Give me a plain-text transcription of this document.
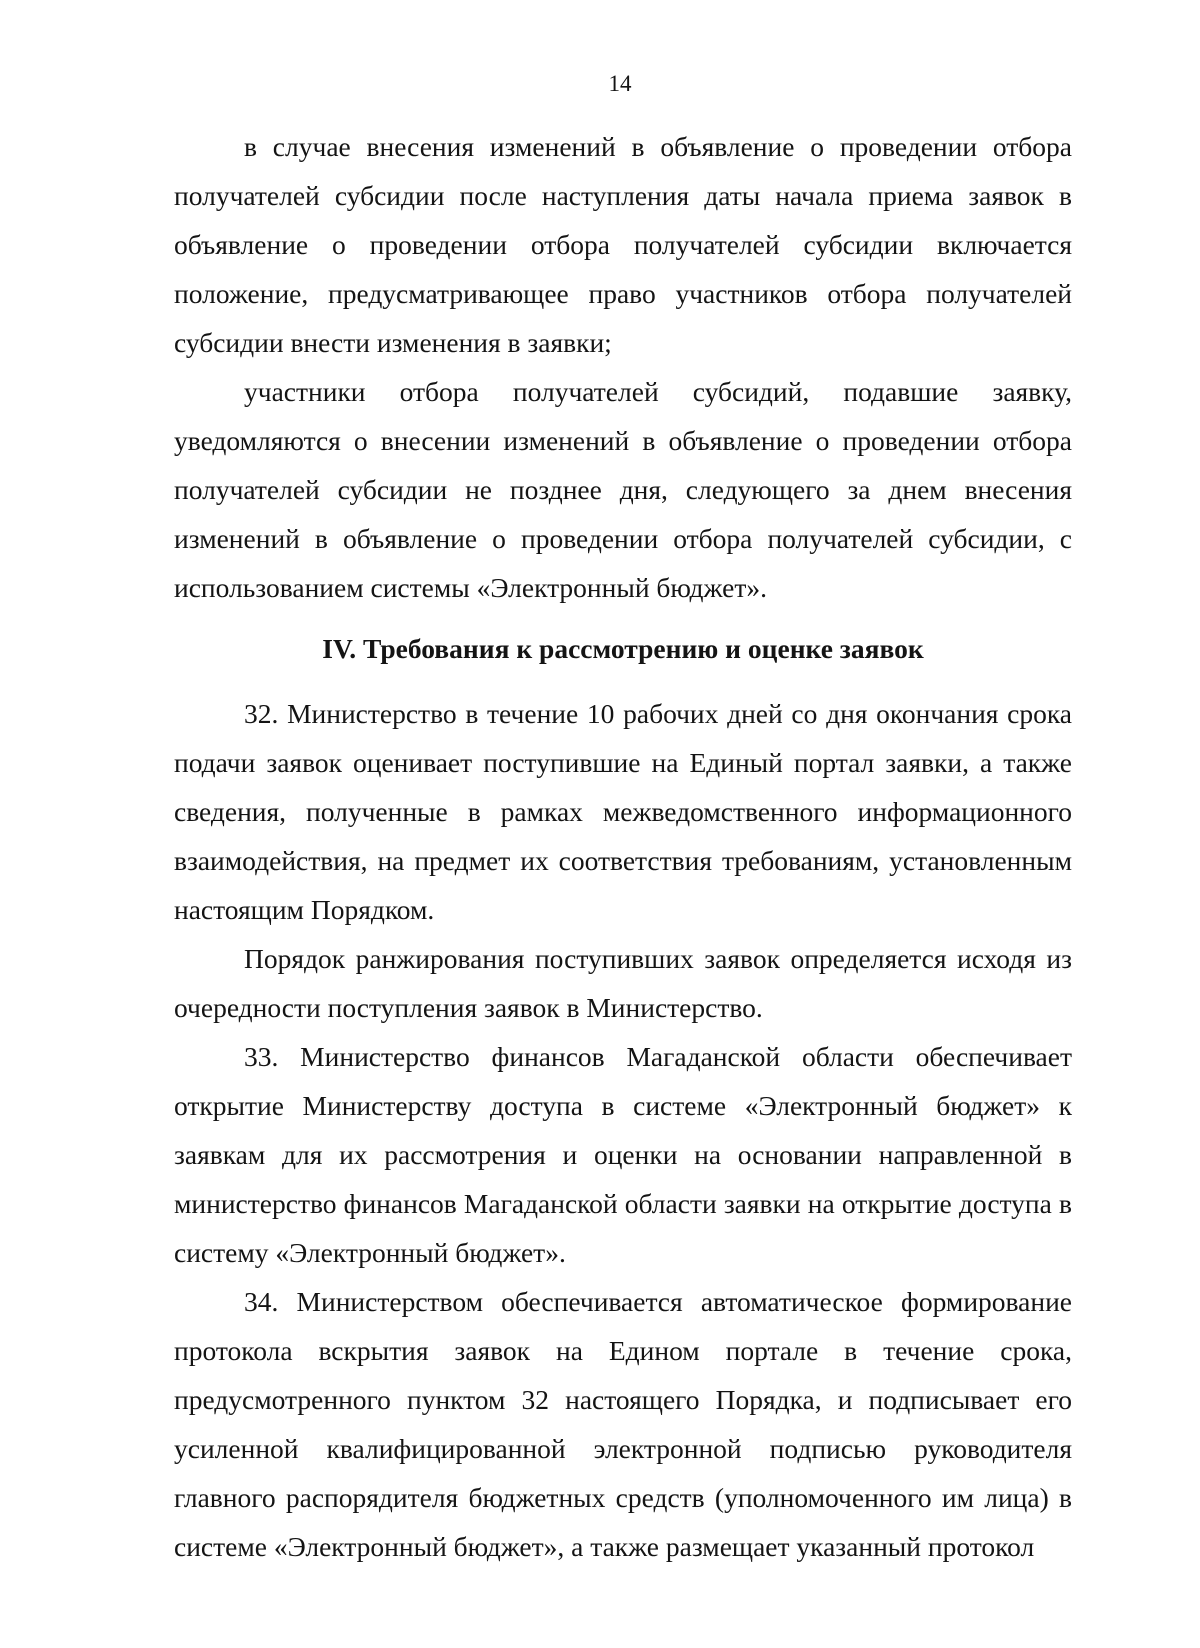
14

в случае внесения изменений в объявление о проведении отбора получателей субсидии после наступления даты начала приема заявок в объявление о проведении отбора получателей субсидии включается положение, предусматривающее право участников отбора получателей субсидии внести изменения в заявки;

участники отбора получателей субсидий, подавшие заявку, уведомляются о внесении изменений в объявление о проведении отбора получателей субсидии не позднее дня, следующего за днем внесения изменений в объявление о проведении отбора получателей субсидии, с использованием системы «Электронный бюджет».

IV. Требования к рассмотрению и оценке заявок

32. Министерство в течение 10 рабочих дней со дня окончания срока подачи заявок оценивает поступившие на Единый портал заявки, а также сведения, полученные в рамках межведомственного информационного взаимодействия, на предмет их соответствия требованиям, установленным настоящим Порядком.

Порядок ранжирования поступивших заявок определяется исходя из очередности поступления заявок в Министерство.

33. Министерство финансов Магаданской области обеспечивает открытие Министерству доступа в системе «Электронный бюджет» к заявкам для их рассмотрения и оценки на основании направленной в министерство финансов Магаданской области заявки на открытие доступа в систему «Электронный бюджет».

34. Министерством обеспечивается автоматическое формирование протокола вскрытия заявок на Едином портале в течение срока, предусмотренного пунктом 32 настоящего Порядка, и подписывает его усиленной квалифицированной электронной подписью руководителя главного распорядителя бюджетных средств (уполномоченного им лица) в системе «Электронный бюджет», а также размещает указанный протокол
